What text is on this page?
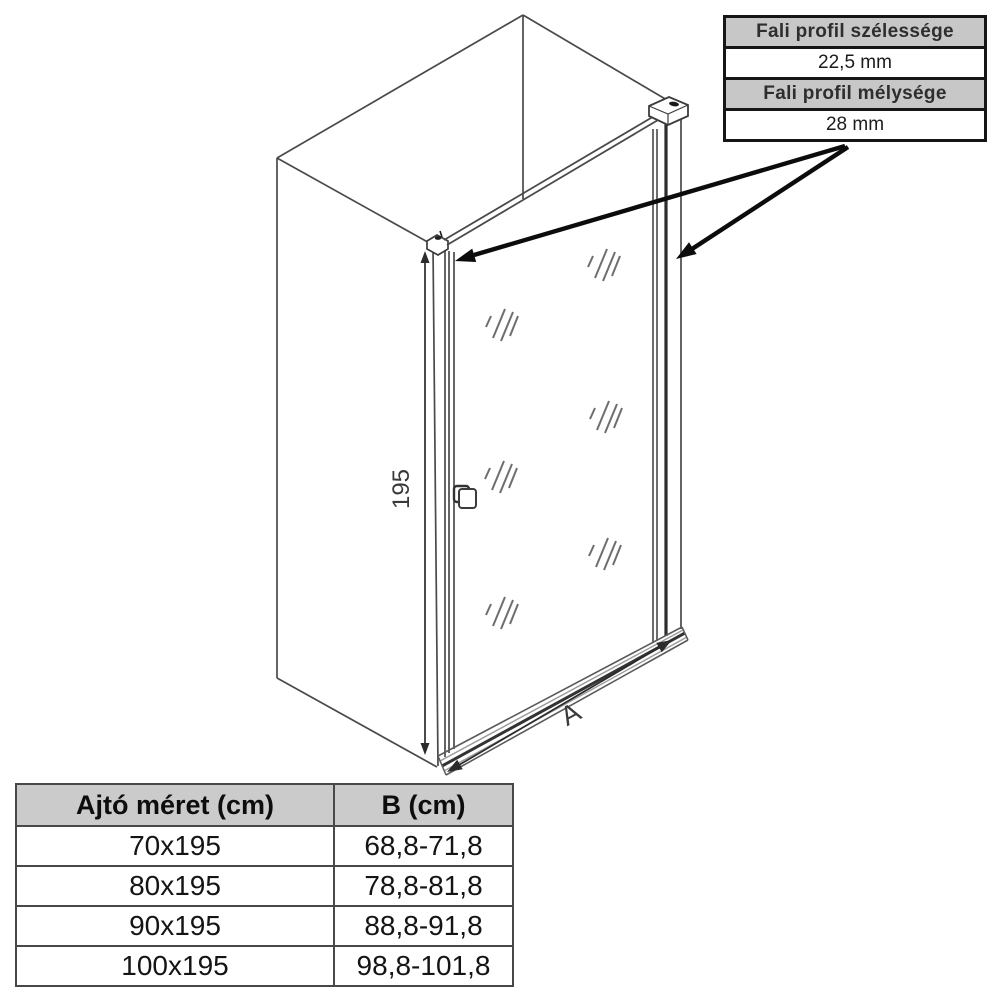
195
A
Fali profil szélessége
22,5 mm
Fali profil mélysége
28 mm
Ajtó méret (cm)	B (cm)
70x195	68,8-71,8
80x195	78,8-81,8
90x195	88,8-91,8
100x195	98,8-101,8
